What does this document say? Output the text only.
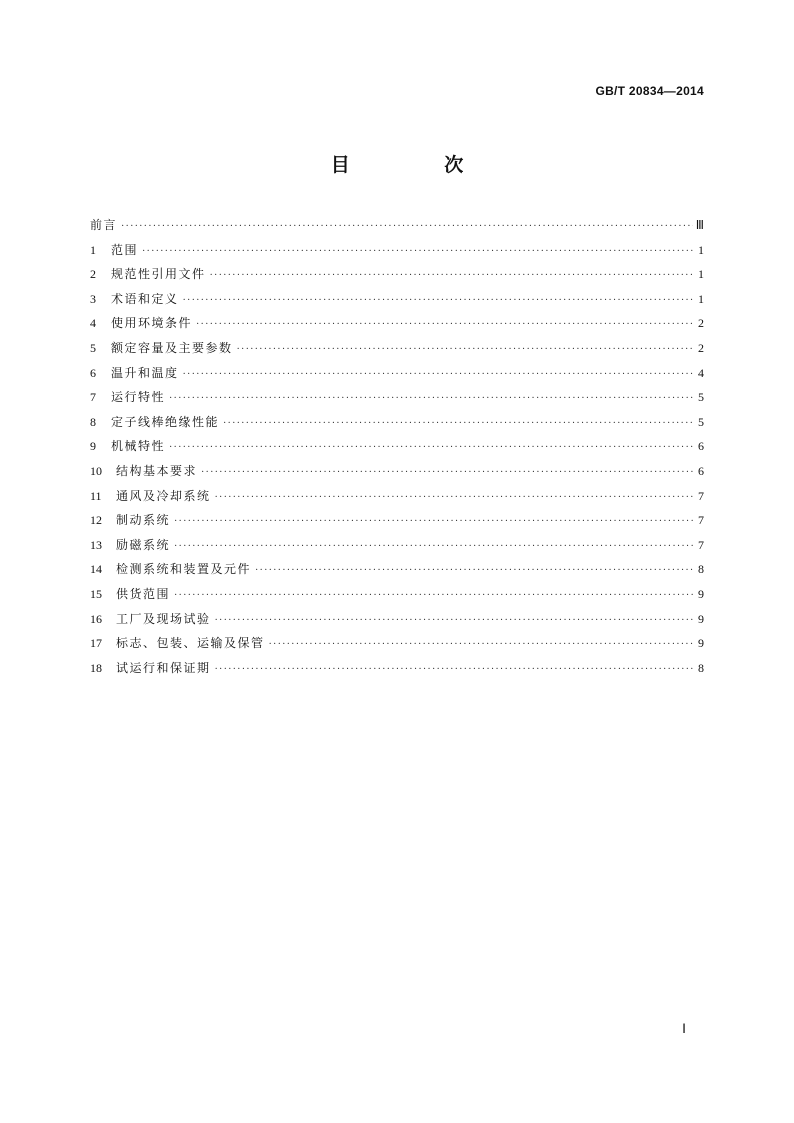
GB/T 20834—2014
目 次
前言 ·····	Ⅲ
1	范围 ·····	1
2	规范性引用文件 ·····	1
3	术语和定义 ·····	1
4	使用环境条件 ·····	2
5	额定容量及主要参数 ·····	2
6	温升和温度 ·····	4
7	运行特性 ·····	5
8	定子线棒绝缘性能 ·····	5
9	机械特性 ·····	6
10	结构基本要求 ·····	6
11	通风及冷却系统 ·····	7
12	制动系统 ·····	7
13	励磁系统 ·····	7
14	检测系统和装置及元件 ·····	8
15	供货范围 ·····	9
16	工厂及现场试验 ·····	9
17	标志、包装、运输及保管 ·····	9
18	试运行和保证期 ·····	8
Ⅰ
